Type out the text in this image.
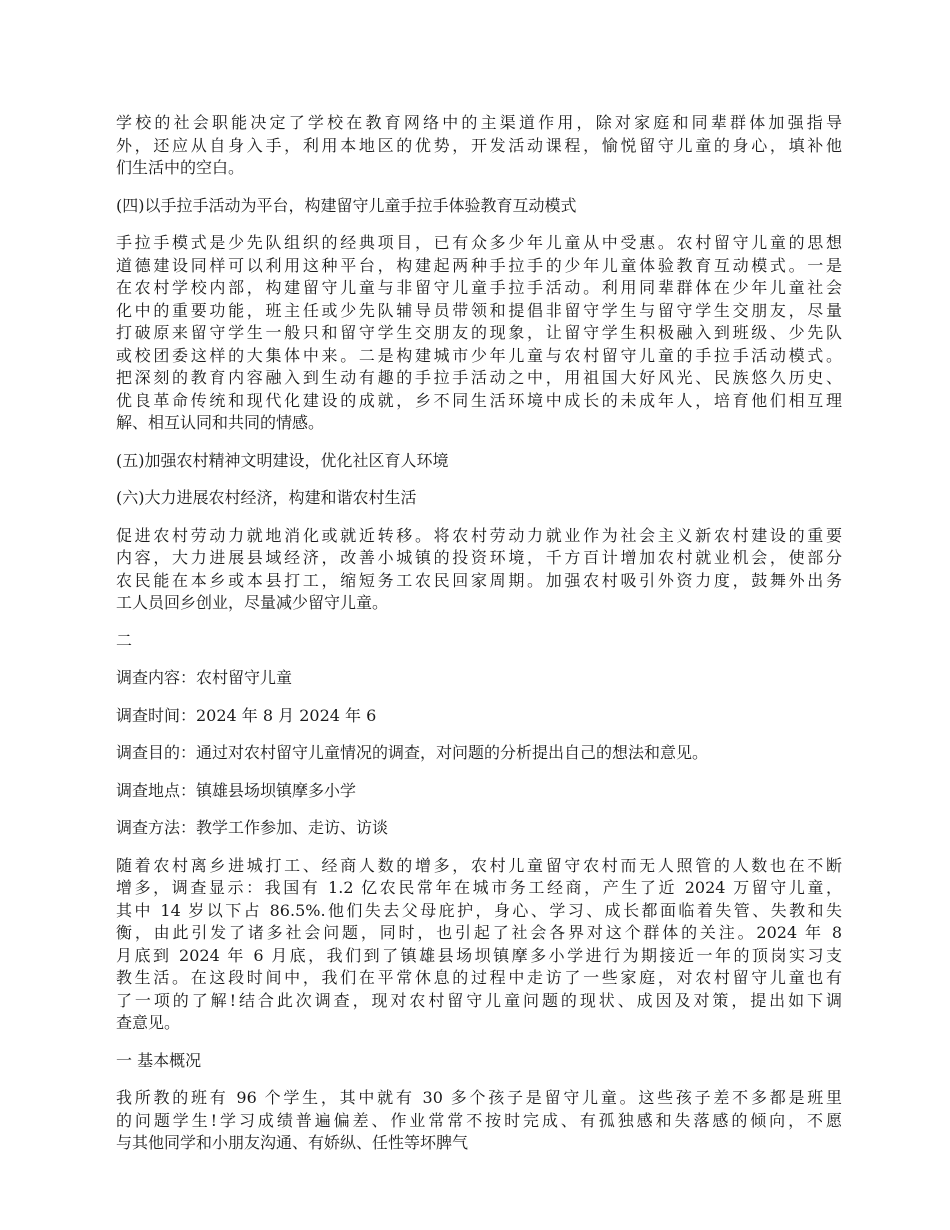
学校的社会职能决定了学校在教育网络中的主渠道作用，除对家庭和同辈群体加强指导
外，还应从自身入手，利用本地区的优势，开发活动课程，愉悦留守儿童的身心，填补他
们生活中的空白。
(四)以手拉手活动为平台，构建留守儿童手拉手体验教育互动模式
手拉手模式是少先队组织的经典项目，已有众多少年儿童从中受惠。农村留守儿童的思想
道德建设同样可以利用这种平台，构建起两种手拉手的少年儿童体验教育互动模式。一是
在农村学校内部，构建留守儿童与非留守儿童手拉手活动。利用同辈群体在少年儿童社会
化中的重要功能，班主任或少先队辅导员带领和提倡非留守学生与留守学生交朋友，尽量
打破原来留守学生一般只和留守学生交朋友的现象，让留守学生积极融入到班级、少先队
或校团委这样的大集体中来。二是构建城市少年儿童与农村留守儿童的手拉手活动模式。
把深刻的教育内容融入到生动有趣的手拉手活动之中，用祖国大好风光、民族悠久历史、
优良革命传统和现代化建设的成就，乡不同生活环境中成长的未成年人，培育他们相互理
解、相互认同和共同的情感。
(五)加强农村精神文明建设，优化社区育人环境
(六)大力进展农村经济，构建和谐农村生活
促进农村劳动力就地消化或就近转移。将农村劳动力就业作为社会主义新农村建设的重要
内容，大力进展县域经济，改善小城镇的投资环境，千方百计增加农村就业机会，使部分
农民能在本乡或本县打工，缩短务工农民回家周期。加强农村吸引外资力度，鼓舞外出务
工人员回乡创业，尽量减少留守儿童。
二
调查内容：农村留守儿童
调查时间：2024 年 8 月 2024 年 6
调查目的：通过对农村留守儿童情况的调查，对问题的分析提出自己的想法和意见。
调查地点：镇雄县场坝镇摩多小学
调查方法：教学工作参加、走访、访谈
随着农村离乡进城打工、经商人数的增多，农村儿童留守农村而无人照管的人数也在不断
增多，调查显示：我国有 1.2 亿农民常年在城市务工经商，产生了近 2024 万留守儿童，
其中 14 岁以下占 86.5%.他们失去父母庇护，身心、学习、成长都面临着失管、失教和失
衡，由此引发了诸多社会问题，同时，也引起了社会各界对这个群体的关注。2024 年 8
月底到 2024 年 6 月底，我们到了镇雄县场坝镇摩多小学进行为期接近一年的顶岗实习支
教生活。在这段时间中，我们在平常休息的过程中走访了一些家庭，对农村留守儿童也有
了一项的了解!结合此次调查，现对农村留守儿童问题的现状、成因及对策，提出如下调
查意见。
一 基本概况
我所教的班有 96 个学生，其中就有 30 多个孩子是留守儿童。这些孩子差不多都是班里
的问题学生!学习成绩普遍偏差、作业常常不按时完成、有孤独感和失落感的倾向，不愿
与其他同学和小朋友沟通、有娇纵、任性等坏脾气
